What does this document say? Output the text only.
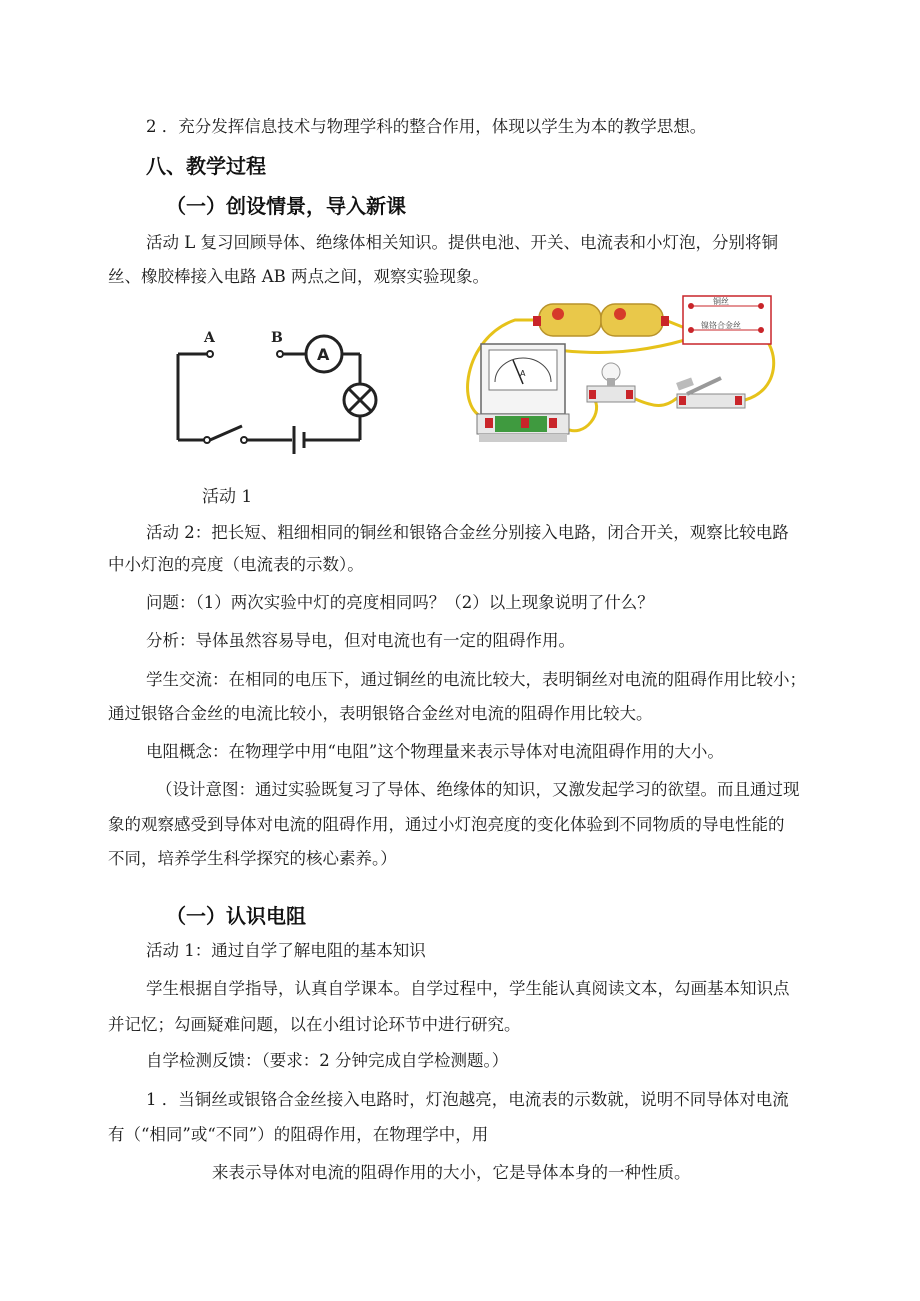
2 ．充分发挥信息技术与物理学科的整合作用，体现以学生为本的教学思想。

八、教学过程
（一）创设情景，导入新课

活动 L 复习回顾导体、绝缘体相关知识。提供电池、开关、电流表和小灯泡，分别将铜

丝、橡胶棒接入电路 AB 两点之间，观察实验现象。

A	B
A
活动 1
铜丝
镍铬合金丝
A

活动 2：把长短、粗细相同的铜丝和银铬合金丝分别接入电路，闭合开关，观察比较电路

中小灯泡的亮度（电流表的示数）。

问题：（1）两次实验中灯的亮度相同吗？（2）以上现象说明了什么？

分析：导体虽然容易导电，但对电流也有一定的阻碍作用。

学生交流：在相同的电压下，通过铜丝的电流比较大，表明铜丝对电流的阻碍作用比较小；

通过银铬合金丝的电流比较小，表明银铬合金丝对电流的阻碍作用比较大。

电阻概念：在物理学中用“电阻”这个物理量来表示导体对电流阻碍作用的大小。

（设计意图：通过实验既复习了导体、绝缘体的知识，又激发起学习的欲望。而且通过现

象的观察感受到导体对电流的阻碍作用，通过小灯泡亮度的变化体验到不同物质的导电性能的

不同，培养学生科学探究的核心素养。）

（一）认识电阻

活动 1：通过自学了解电阻的基本知识

学生根据自学指导，认真自学课本。自学过程中，学生能认真阅读文本，勾画基本知识点

并记忆；勾画疑难问题，以在小组讨论环节中进行研究。

自学检测反馈：（要求：2 分钟完成自学检测题。）

1 ．当铜丝或银铬合金丝接入电路时，灯泡越亮，电流表的示数就，说明不同导体对电流

有（“相同”或“不同”）的阻碍作用，在物理学中，用

来表示导体对电流的阻碍作用的大小，它是导体本身的一种性质。
